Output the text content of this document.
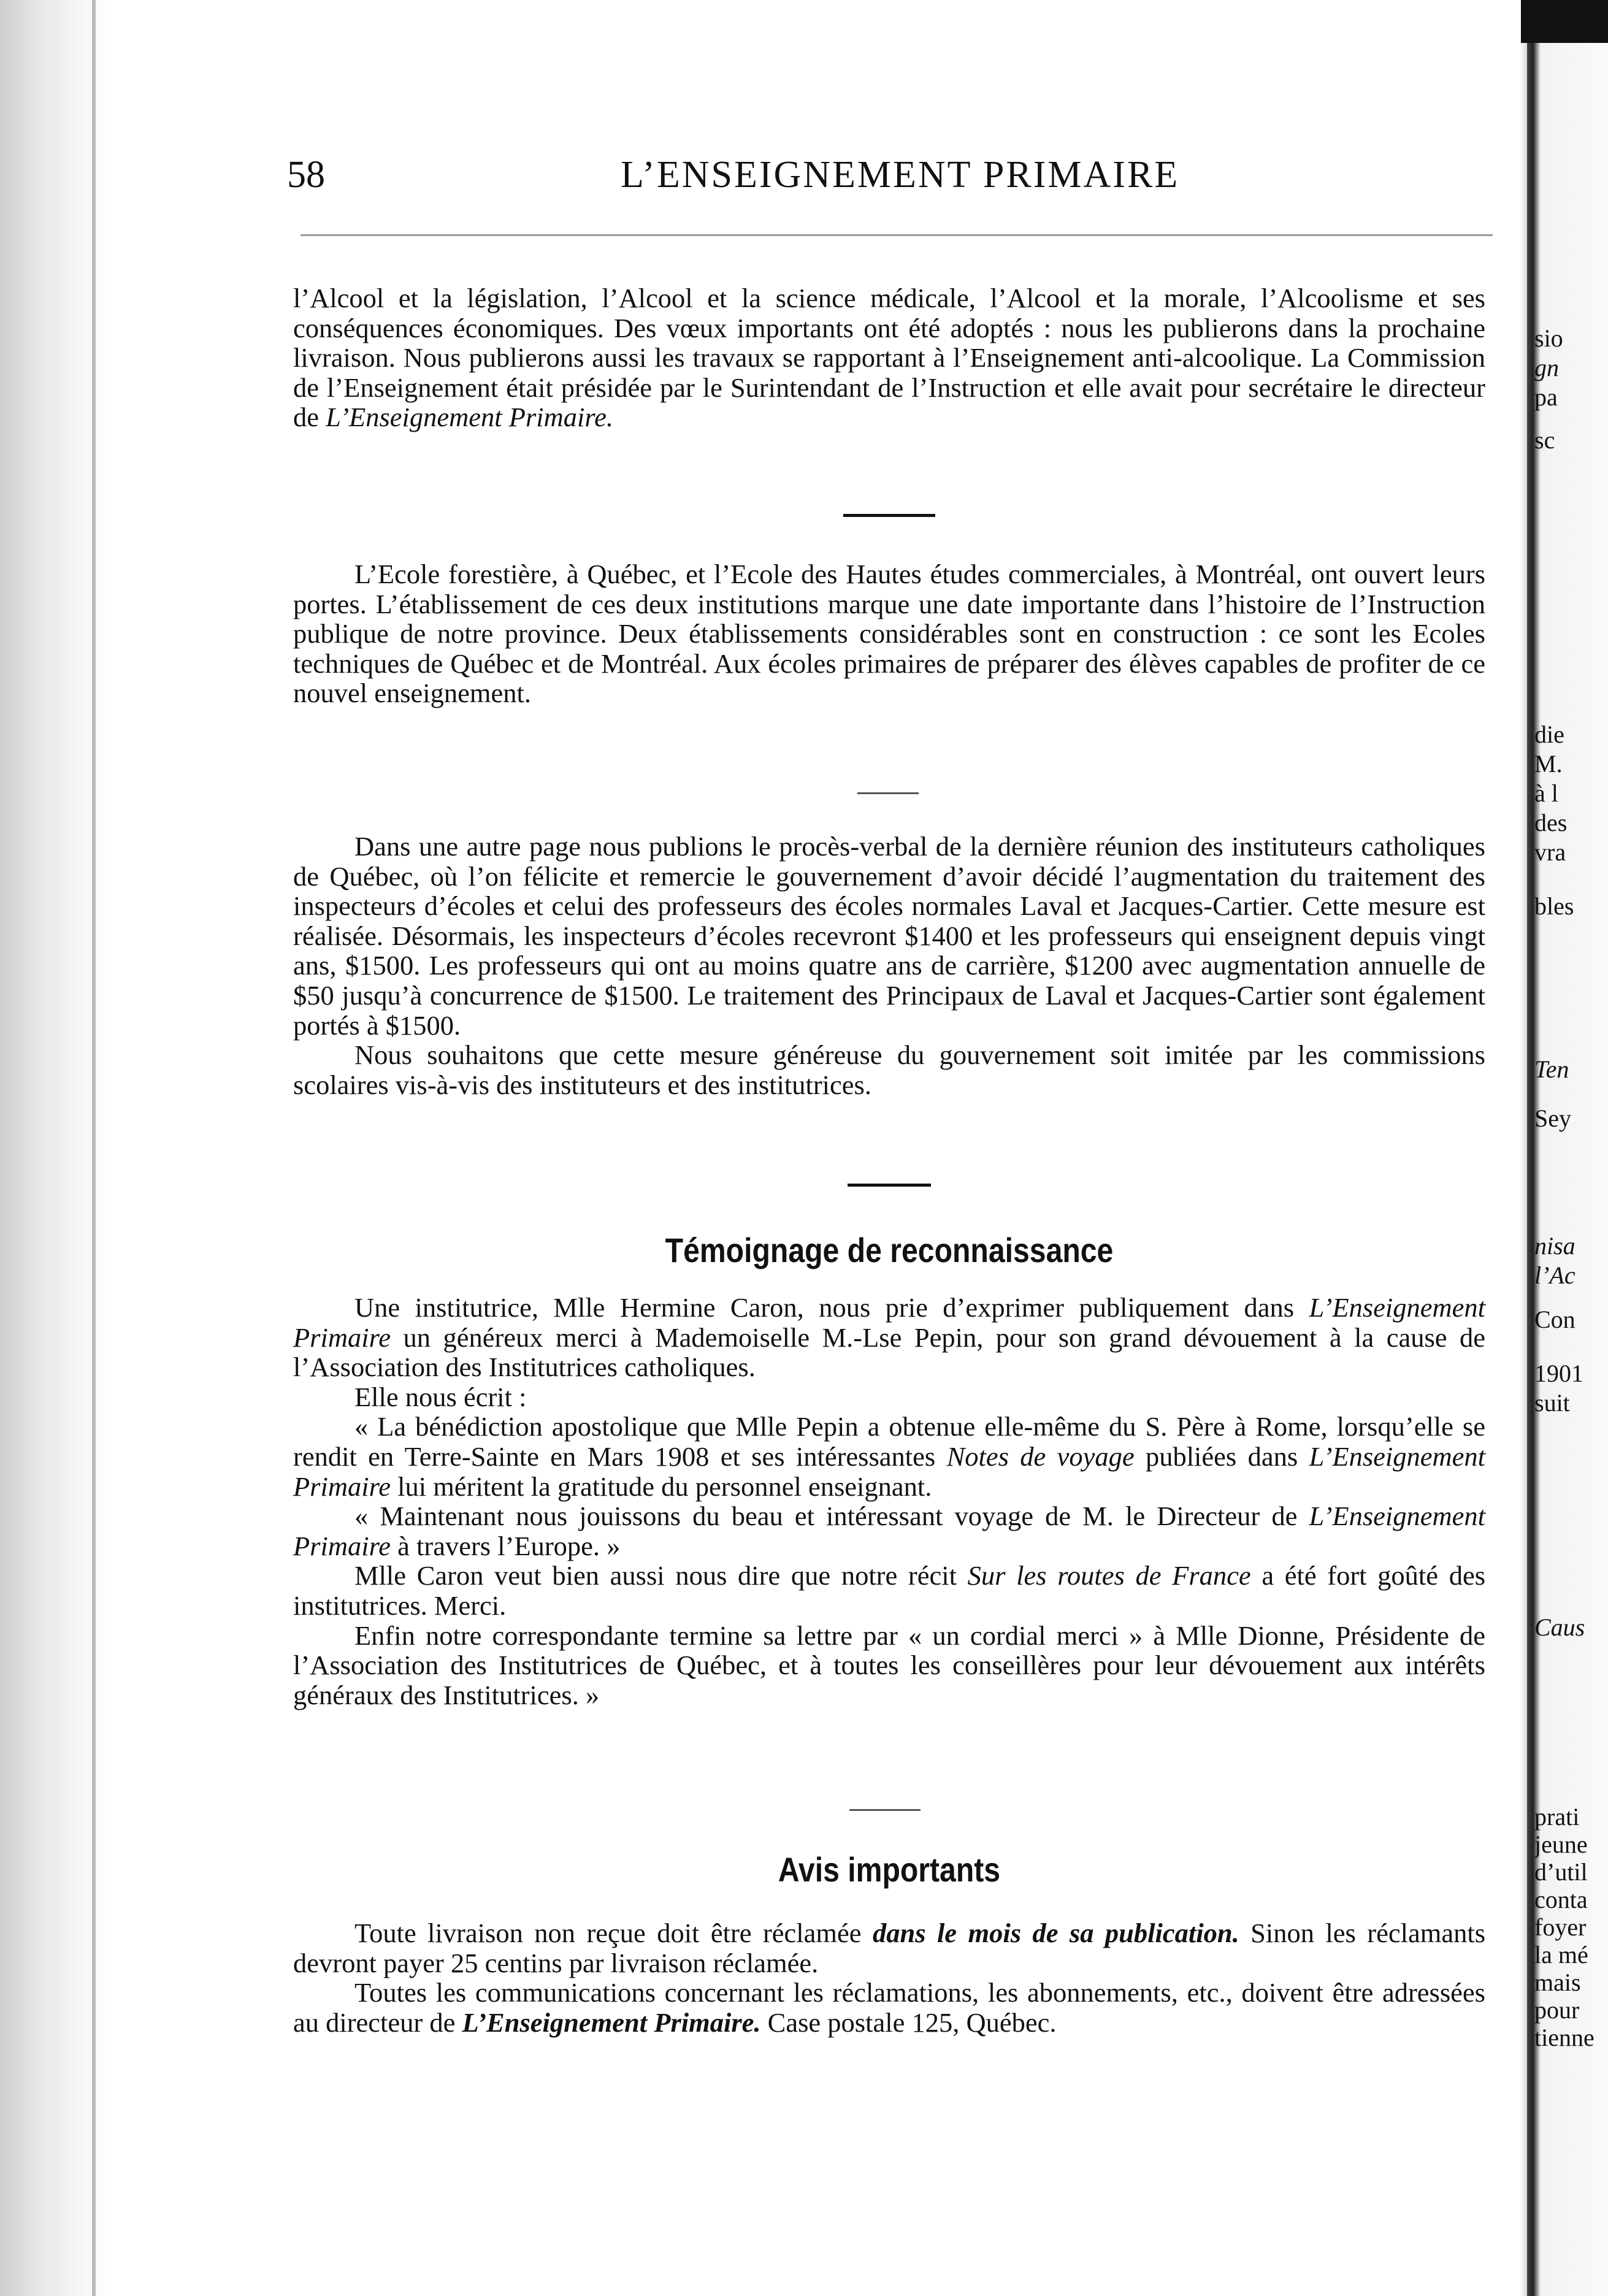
58	L’ENSEIGNEMENT PRIMAIRE

l’Alcool et la législation, l’Alcool et la science médicale, l’Alcool et la morale, l’Alcoolisme et ses conséquences économiques. Des vœux importants ont été adoptés : nous les publierons dans la prochaine livraison. Nous publierons aussi les travaux se rapportant à l’Enseignement anti-alcoolique. La Commission de l’Enseignement était présidée par le Surintendant de l’Instruction et elle avait pour secrétaire le directeur de L’Enseignement Primaire.

L’Ecole forestière, à Québec, et l’Ecole des Hautes études commerciales, à Montréal, ont ouvert leurs portes. L’établissement de ces deux institutions marque une date importante dans l’histoire de l’Instruction publique de notre province. Deux établissements considérables sont en construction : ce sont les Ecoles techniques de Québec et de Montréal. Aux écoles primaires de préparer des élèves capables de profiter de ce nouvel enseignement.

Dans une autre page nous publions le procès-verbal de la dernière réunion des instituteurs catholiques de Québec, où l’on félicite et remercie le gouvernement d’avoir décidé l’augmentation du traitement des inspecteurs d’écoles et celui des professeurs des écoles normales Laval et Jacques-Cartier. Cette mesure est réalisée. Désormais, les inspecteurs d’écoles recevront $1400 et les professeurs qui enseignent depuis vingt ans, $1500. Les professeurs qui ont au moins quatre ans de carrière, $1200 avec augmentation annuelle de $50 jusqu’à concurrence de $1500. Le traitement des Principaux de Laval et Jacques-Cartier sont également portés à $1500.

Nous souhaitons que cette mesure généreuse du gouvernement soit imitée par les commissions scolaires vis-à-vis des instituteurs et des institutrices.

Témoignage de reconnaissance

Une institutrice, Mlle Hermine Caron, nous prie d’exprimer publiquement dans L’Enseignement Primaire un généreux merci à Mademoiselle M.-Lse Pepin, pour son grand dévouement à la cause de l’Association des Institutrices catholiques.

Elle nous écrit :

« La bénédiction apostolique que Mlle Pepin a obtenue elle-même du S. Père à Rome, lorsqu’elle se rendit en Terre-Sainte en Mars 1908 et ses intéressantes Notes de voyage publiées dans L’Enseignement Primaire lui méritent la gratitude du personnel enseignant.

« Maintenant nous jouissons du beau et intéressant voyage de M. le Directeur de L’Enseignement Primaire à travers l’Europe. »

Mlle Caron veut bien aussi nous dire que notre récit Sur les routes de France a été fort goûté des institutrices. Merci.

Enfin notre correspondante termine sa lettre par « un cordial merci » à Mlle Dionne, Présidente de l’Association des Institutrices de Québec, et à toutes les conseillères pour leur dévouement aux intérêts généraux des Institutrices. »

Avis importants

Toute livraison non reçue doit être réclamée dans le mois de sa publication. Sinon les réclamants devront payer 25 centins par livraison réclamée.

Toutes les communications concernant les réclamations, les abonnements, etc., doivent être adressées au directeur de L’Enseignement Primaire. Case postale 125, Québec.

sio
gn
pa
sc
die
M.
à l
des
vra
bles
Ten
Sey
nisa
l’Ac
Con
1901
suit
Caus
prati
jeune
d’util
conta
foyer
la mé
mais
pour
tienne
